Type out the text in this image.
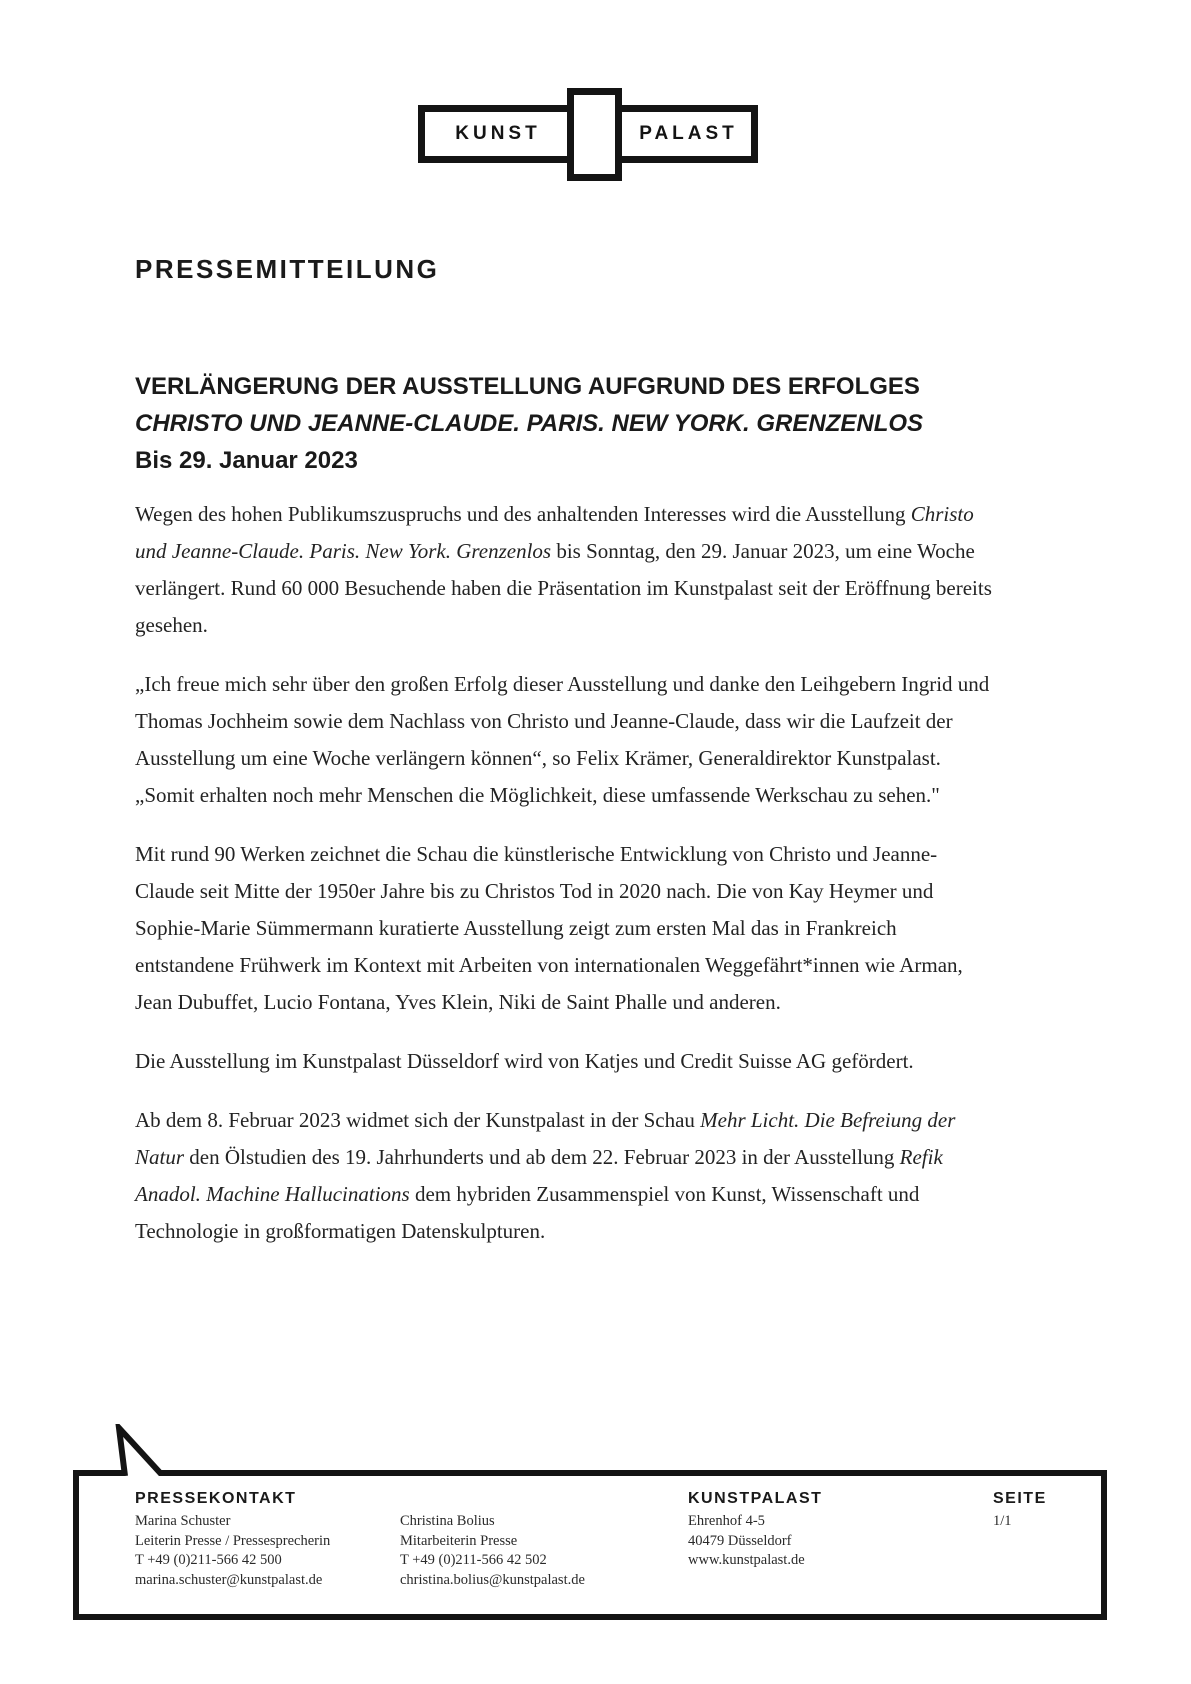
KUNST	PALAST
PRESSEMITTEILUNG
VERLÄNGERUNG DER AUSSTELLUNG AUFGRUND DES ERFOLGES
CHRISTO UND JEANNE-CLAUDE. PARIS. NEW YORK. GRENZENLOS
Bis 29. Januar 2023

Wegen des hohen Publikumszuspruchs und des anhaltenden Interesses wird die Ausstellung Christo und Jeanne-Claude. Paris. New York. Grenzenlos bis Sonntag, den 29. Januar 2023, um eine Woche verlängert. Rund 60 000 Besuchende haben die Präsentation im Kunstpalast seit der Eröffnung bereits gesehen.

„Ich freue mich sehr über den großen Erfolg dieser Ausstellung und danke den Leihgebern Ingrid und Thomas Jochheim sowie dem Nachlass von Christo und Jeanne-Claude, dass wir die Laufzeit der Ausstellung um eine Woche verlängern können“, so Felix Krämer, Generaldirektor Kunstpalast. „Somit erhalten noch mehr Menschen die Möglichkeit, diese umfassende Werkschau zu sehen."

Mit rund 90 Werken zeichnet die Schau die künstlerische Entwicklung von Christo und Jeanne-Claude seit Mitte der 1950er Jahre bis zu Christos Tod in 2020 nach. Die von Kay Heymer und Sophie-Marie Sümmermann kuratierte Ausstellung zeigt zum ersten Mal das in Frankreich entstandene Frühwerk im Kontext mit Arbeiten von internationalen Weggefährt*innen wie Arman, Jean Dubuffet, Lucio Fontana, Yves Klein, Niki de Saint Phalle und anderen.

Die Ausstellung im Kunstpalast Düsseldorf wird von Katjes und Credit Suisse AG gefördert.

Ab dem 8. Februar 2023 widmet sich der Kunstpalast in der Schau Mehr Licht. Die Befreiung der Natur den Ölstudien des 19. Jahrhunderts und ab dem 22. Februar 2023 in der Ausstellung Refik Anadol. Machine Hallucinations dem hybriden Zusammenspiel von Kunst, Wissenschaft und Technologie in großformatigen Datenskulpturen.

PRESSEKONTAKT
Marina Schuster
Leiterin Presse / Pressesprecherin
T +49 (0)211-566 42 500
marina.schuster@kunstpalast.de
Christina Bolius
Mitarbeiterin Presse
T +49 (0)211-566 42 502
christina.bolius@kunstpalast.de
KUNSTPALAST
Ehrenhof 4-5
40479 Düsseldorf
www.kunstpalast.de
SEITE
1/1
